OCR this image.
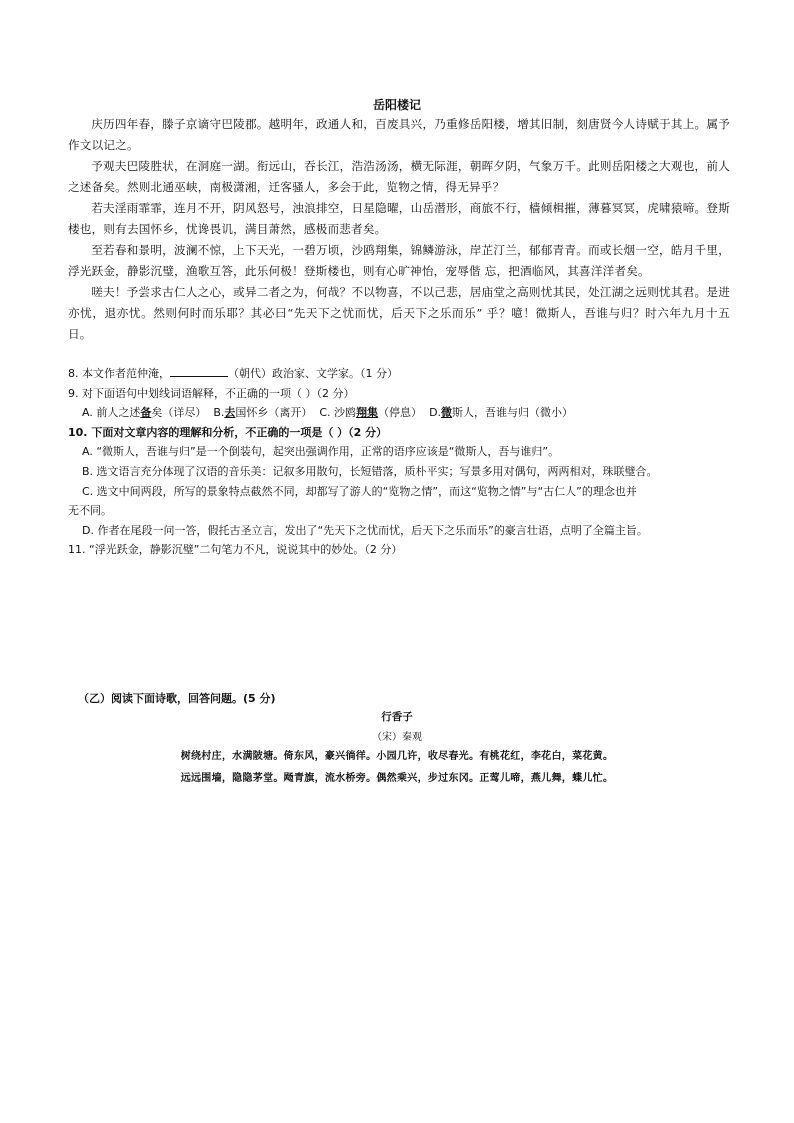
岳阳楼记

庆历四年春，滕子京谪守巴陵郡。越明年，政通人和，百废具兴，乃重修岳阳楼，增其旧制，刻唐贤今人诗赋于其上。属予作文以记之。

予观夫巴陵胜状，在洞庭一湖。衔远山，吞长江，浩浩汤汤，横无际涯，朝晖夕阴，气象万千。此则岳阳楼之大观也，前人之述备矣。然则北通巫峡，南极潇湘，迁客骚人，多会于此，览物之情，得无异乎？

若夫淫雨霏霏，连月不开，阴风怒号，浊浪排空，日星隐曜，山岳潜形，商旅不行，樯倾楫摧，薄暮冥冥，虎啸猿啼。登斯楼也，则有去国怀乡，忧谗畏讥，满目萧然，感极而悲者矣。

至若春和景明，波澜不惊，上下天光，一碧万顷，沙鸥翔集，锦鳞游泳，岸芷汀兰，郁郁青青。而或长烟一空，皓月千里，浮光跃金，静影沉璧，渔歌互答，此乐何极！登斯楼也，则有心旷神怡，宠辱偕 忘，把酒临风，其喜洋洋者矣。

嗟夫！予尝求古仁人之心，或异二者之为，何哉？不以物喜，不以己悲，居庙堂之高则忧其民，处江湖之远则忧其君。是进亦忧，退亦忧。然则何时而乐耶？其必曰“先天下之忧而忧，后天下之乐而乐” 乎？噫！微斯人，吾谁与归？时六年九月十五日。

8. 本文作者范仲淹，	（朝代）政治家、文学家。（1 分）
9. 对下面语句中划线词语解释，不正确的一项（ ）（2 分）
A. 前人之述备矣（详尽） B.去国怀乡（离开） C. 沙鸥翔集（停息） D.微斯人，吾谁与归（微小）
10. 下面对文章内容的理解和分析，不正确的一项是（ ）（2 分）
A. “微斯人，吾谁与归”是一个倒装句，起突出强调作用，正常的语序应该是“微斯人，吾与谁归”。
B. 选文语言充分体现了汉语的音乐美：记叙多用散句，长短错落，质朴平实；写景多用对偶句，两两相对，珠联璧合。
C. 选文中间两段，所写的景象特点截然不同，却都写了游人的“览物之情”，而这“览物之情”与“古仁人”的理念也并
无不同。
D. 作者在尾段一问一答，假托古圣立言，发出了“先天下之忧而忧，后天下之乐而乐”的豪言壮语，点明了全篇主旨。
11. “浮光跃金，静影沉璧”二句笔力不凡，说说其中的妙处。（2 分）
（乙）阅读下面诗歌，回答问题。(5 分)
行香子
（宋）秦观
树绕村庄，水满陂塘。倚东风，豪兴徜徉。小园几许，收尽春光。有桃花红，李花白，菜花黄。
远远围墙，隐隐茅堂。飏青旗，流水桥旁。偶然乘兴，步过东冈。正莺儿啼，燕儿舞，蝶儿忙。
